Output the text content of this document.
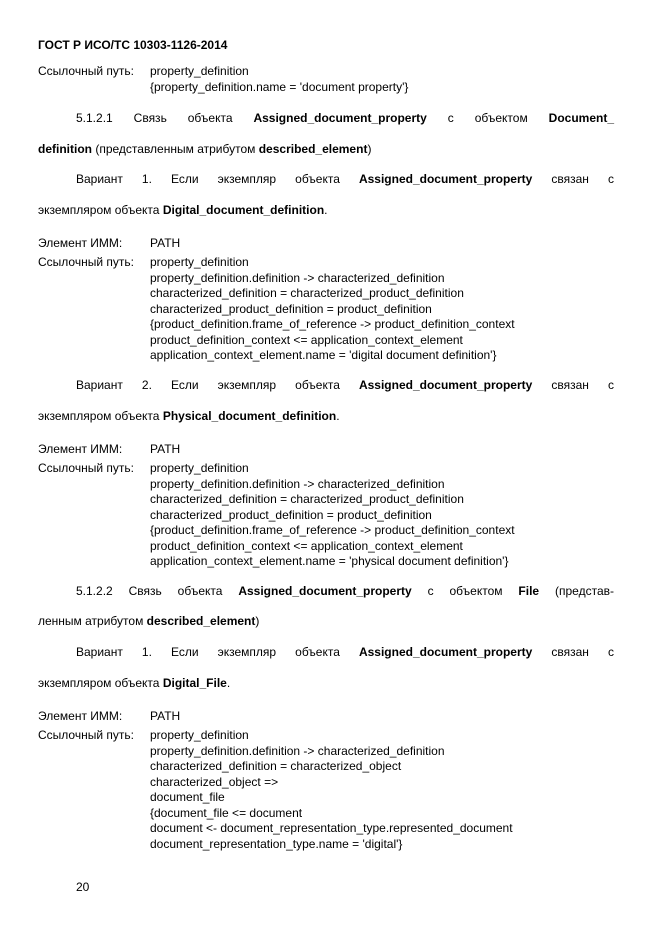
ГОСТ Р ИСО/ТС 10303-1126-2014
Ссылочный путь: property_definition
{property_definition.name = 'document property'}
5.1.2.1 Связь объекта Assigned_document_property с объектом Document_
definition (представленным атрибутом described_element)
Вариант 1. Если экземпляр объекта Assigned_document_property связан с
экземпляром объекта Digital_document_definition.
Элемент ИММ: PATH
Ссылочный путь: property_definition
property_definition.definition -> characterized_definition
characterized_definition = characterized_product_definition
characterized_product_definition = product_definition
{product_definition.frame_of_reference -> product_definition_context
product_definition_context <= application_context_element
application_context_element.name = 'digital document definition'}
Вариант 2. Если экземпляр объекта Assigned_document_property связан с
экземпляром объекта Physical_document_definition.
Элемент ИММ: PATH
Ссылочный путь: property_definition
property_definition.definition -> characterized_definition
characterized_definition = characterized_product_definition
characterized_product_definition = product_definition
{product_definition.frame_of_reference -> product_definition_context
product_definition_context <= application_context_element
application_context_element.name = 'physical document definition'}
5.1.2.2 Связь объекта Assigned_document_property с объектом File (представ-
ленным атрибутом described_element)
Вариант 1. Если экземпляр объекта Assigned_document_property связан с
экземпляром объекта Digital_File.
Элемент ИММ: PATH
Ссылочный путь: property_definition
property_definition.definition -> characterized_definition
characterized_definition = characterized_object
characterized_object =>
document_file
{document_file <= document
document <- document_representation_type.represented_document
document_representation_type.name = 'digital'}
20
